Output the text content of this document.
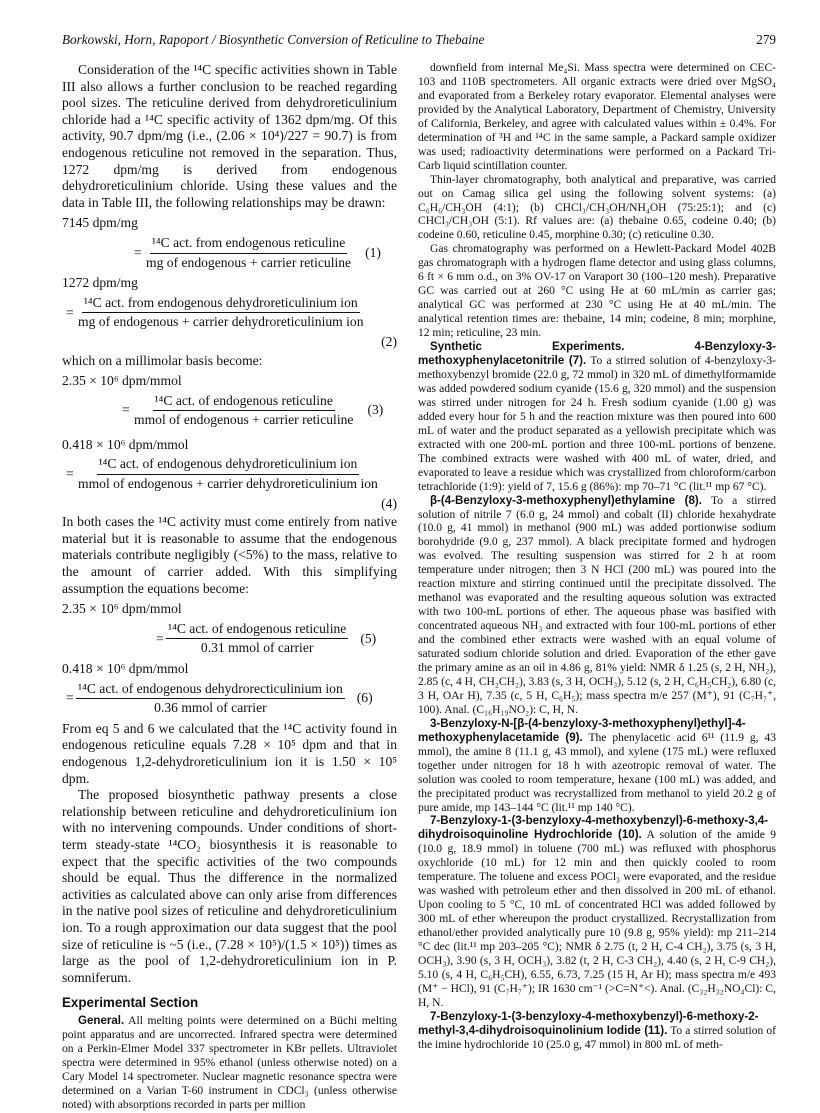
Borkowski, Horn, Rapoport / Biosynthetic Conversion of Reticuline to Thebaine	279

Consideration of the ¹⁴C specific activities shown in Table III also allows a further conclusion to be reached regarding pool sizes. The reticuline derived from dehydroreticulinium chloride had a ¹⁴C specific activity of 1362 dpm/mg. Of this activity, 90.7 dpm/mg (i.e., (2.06 × 10⁴)/227 = 90.7) is from endogenous reticuline not removed in the separation. Thus, 1272 dpm/mg is derived from endogenous dehydroreticulinium chloride. Using these values and the data in Table III, the following relationships may be drawn:

7145 dpm/mg
= $\frac{\text{¹⁴C act. from endogenous reticuline}}{\text{mg of endogenous + carrier reticuline}} (1)$
1272 dpm/mg
= $\frac{\text{¹⁴C act. from endogenous dehydroreticulinium ion}}{\text{mg of endogenous + carrier dehydroreticulinium ion}}$
(2)

which on a millimolar basis become:

2.35 × 10⁶ dpm/mmol
= $\frac{\text{¹⁴C act. of endogenous reticuline}}{\text{mmol of endogenous + carrier reticuline}} (3)$
0.418 × 10⁶ dpm/mmol
= $\frac{\text{¹⁴C act. of endogenous dehydroreticulinium ion}}{\text{mmol of endogenous + carrier dehydroreticulinium ion}}$
(4)

In both cases the ¹⁴C activity must come entirely from native material but it is reasonable to assume that the endogenous materials contribute negligibly (<5%) to the mass, relative to the amount of carrier added. With this simplifying assumption the equations become:

2.35 × 10⁶ dpm/mmol
= $\frac{\text{¹⁴C act. of endogenous reticuline}}{\text{0.31 mmol of carrier}} (5)$
0.418 × 10⁶ dpm/mmol
= $\frac{\text{¹⁴C act. of endogenous dehydrorecticulinium ion}}{\text{0.36 mmol of carrier}} (6)$

From eq 5 and 6 we calculated that the ¹⁴C activity found in endogenous reticuline equals 7.28 × 10⁵ dpm and that in endogenous 1,2-dehydroreticulinium ion it is 1.50 × 10⁵ dpm.

The proposed biosynthetic pathway presents a close relationship between reticuline and dehydroreticulinium ion with no intervening compounds. Under conditions of short-term steady-state ¹⁴CO₂ biosynthesis it is reasonable to expect that the specific activities of the two compounds should be equal. Thus the difference in the normalized activities as calculated above can only arise from differences in the native pool sizes of reticuline and dehydroreticulinium ion. To a rough approximation our data suggest that the pool size of reticuline is ~5 (i.e., (7.28 × 10⁵)/(1.5 × 10⁵)) times as large as the pool of 1,2-dehydroreticulinium ion in P. somniferum.

Experimental Section

General. All melting points were determined on a Büchi melting point apparatus and are uncorrected. Infrared spectra were determined on a Perkin-Elmer Model 337 spectrometer in KBr pellets. Ultraviolet spectra were determined in 95% ethanol (unless otherwise noted) on a Cary Model 14 spectrometer. Nuclear magnetic resonance spectra were determined on a Varian T-60 instrument in CDCl₃ (unless otherwise noted) with absorptions recorded in parts per million

downfield from internal Me₄Si. Mass spectra were determined on CEC-103 and 110B spectrometers. All organic extracts were dried over MgSO₄ and evaporated from a Berkeley rotary evaporator. Elemental analyses were provided by the Analytical Laboratory, Department of Chemistry, University of California, Berkeley, and agree with calculated values within ± 0.4%. For determination of ³H and ¹⁴C in the same sample, a Packard sample oxidizer was used; radioactivity determinations were performed on a Packard Tri-Carb liquid scintillation counter.

Thin-layer chromatography, both analytical and preparative, was carried out on Camag silica gel using the following solvent systems: (a) C₆H₆/CH₃OH (4:1); (b) CHCl₃/CH₃OH/NH₄OH (75:25:1); and (c) CHCl₃/CH₃OH (5:1). Rf values are: (a) thebaine 0.65, codeine 0.40; (b) codeine 0.60, reticuline 0.45, morphine 0.30; (c) reticuline 0.30.

Gas chromatography was performed on a Hewlett-Packard Model 402B gas chromatograph with a hydrogen flame detector and using glass columns, 6 ft × 6 mm o.d., on 3% OV-17 on Varaport 30 (100–120 mesh). Preparative GC was carried out at 260 °C using He at 60 mL/min as carrier gas; analytical GC was performed at 230 °C using He at 40 mL/min. The analytical retention times are: thebaine, 14 min; codeine, 8 min; morphine, 12 min; reticuline, 23 min.

Synthetic Experiments. 4-Benzyloxy-3-methoxyphenylacetonitrile (7). To a stirred solution of 4-benzyloxy-3-methoxybenzyl bromide (22.0 g, 72 mmol) in 320 mL of dimethylformamide was added powdered sodium cyanide (15.6 g, 320 mmol) and the suspension was stirred under nitrogen for 24 h. Fresh sodium cyanide (1.00 g) was added every hour for 5 h and the reaction mixture was then poured into 600 mL of water and the product separated as a yellowish precipitate which was extracted with one 200-mL portion and three 100-mL portions of benzene. The combined extracts were washed with 400 mL of water, dried, and evaporated to leave a residue which was crystallized from chloroform/carbon tetrachloride (1:9): yield of 7, 15.6 g (86%): mp 70–71 °C (lit.¹¹ mp 67 °C).

β-(4-Benzyloxy-3-methoxyphenyl)ethylamine (8). To a stirred solution of nitrile 7 (6.0 g, 24 mmol) and cobalt (II) chloride hexahydrate (10.0 g, 41 mmol) in methanol (900 mL) was added portionwise sodium borohydride (9.0 g, 237 mmol). A black precipitate formed and hydrogen was evolved. The resulting suspension was stirred for 2 h at room temperature under nitrogen; then 3 N HCl (200 mL) was poured into the reaction mixture and stirring continued until the precipitate dissolved. The methanol was evaporated and the resulting aqueous solution was extracted with two 100-mL portions of ether. The aqueous phase was basified with concentrated aqueous NH₃ and extracted with four 100-mL portions of ether and the combined ether extracts were washed with an equal volume of saturated sodium chloride solution and dried. Evaporation of the ether gave the primary amine as an oil in 4.86 g, 81% yield: NMR δ 1.25 (s, 2 H, NH₂), 2.85 (c, 4 H, CH₂CH₂), 3.83 (s, 3 H, OCH₃), 5.12 (s, 2 H, C₆H₅CH₂), 6.80 (c, 3 H, OAr H), 7.35 (c, 5 H, C₆H₅); mass spectra m/e 257 (M⁺), 91 (C₇H₇⁺, 100). Anal. (C₁₆H₁₉NO₂): C, H, N.

3-Benzyloxy-N-[β-(4-benzyloxy-3-methoxyphenyl)ethyl]-4-methoxyphenylacetamide (9). The phenylacetic acid 6¹¹ (11.9 g, 43 mmol), the amine 8 (11.1 g, 43 mmol), and xylene (175 mL) were refluxed together under nitrogen for 18 h with azeotropic removal of water. The solution was cooled to room temperature, hexane (100 mL) was added, and the precipitated product was recrystallized from methanol to yield 20.2 g of pure amide, mp 143–144 °C (lit.¹¹ mp 140 °C).

7-Benzyloxy-1-(3-benzyloxy-4-methoxybenzyl)-6-methoxy-3,4-dihydroisoquinoline Hydrochloride (10). A solution of the amide 9 (10.0 g, 18.9 mmol) in toluene (700 mL) was refluxed with phosphorus oxychloride (10 mL) for 12 min and then quickly cooled to room temperature. The toluene and excess POCl₃ were evaporated, and the residue was washed with petroleum ether and then dissolved in 200 mL of ethanol. Upon cooling to 5 °C, 10 mL of concentrated HCl was added followed by 300 mL of ether whereupon the product crystallized. Recrystallization from ethanol/ether provided analytically pure 10 (9.8 g, 95% yield): mp 211–214 °C dec (lit.¹¹ mp 203–205 °C); NMR δ 2.75 (t, 2 H, C-4 CH₂), 3.75 (s, 3 H, OCH₃), 3.90 (s, 3 H, OCH₃), 3.82 (t, 2 H, C-3 CH₂), 4.40 (s, 2 H, C-9 CH₂), 5.10 (s, 4 H, C₆H₅CH), 6.55, 6.73, 7.25 (15 H, Ar H); mass spectra m/e 493 (M⁺ − HCl), 91 (C₇H₇⁺); IR 1630 cm⁻¹ (>C=N⁺<). Anal. (C₃₂H₃₂NO₄Cl): C, H, N.

7-Benzyloxy-1-(3-benzyloxy-4-methoxybenzyl)-6-methoxy-2-methyl-3,4-dihydroisoquinolinium Iodide (11). To a stirred solution of the imine hydrochloride 10 (25.0 g, 47 mmol) in 800 mL of meth-
